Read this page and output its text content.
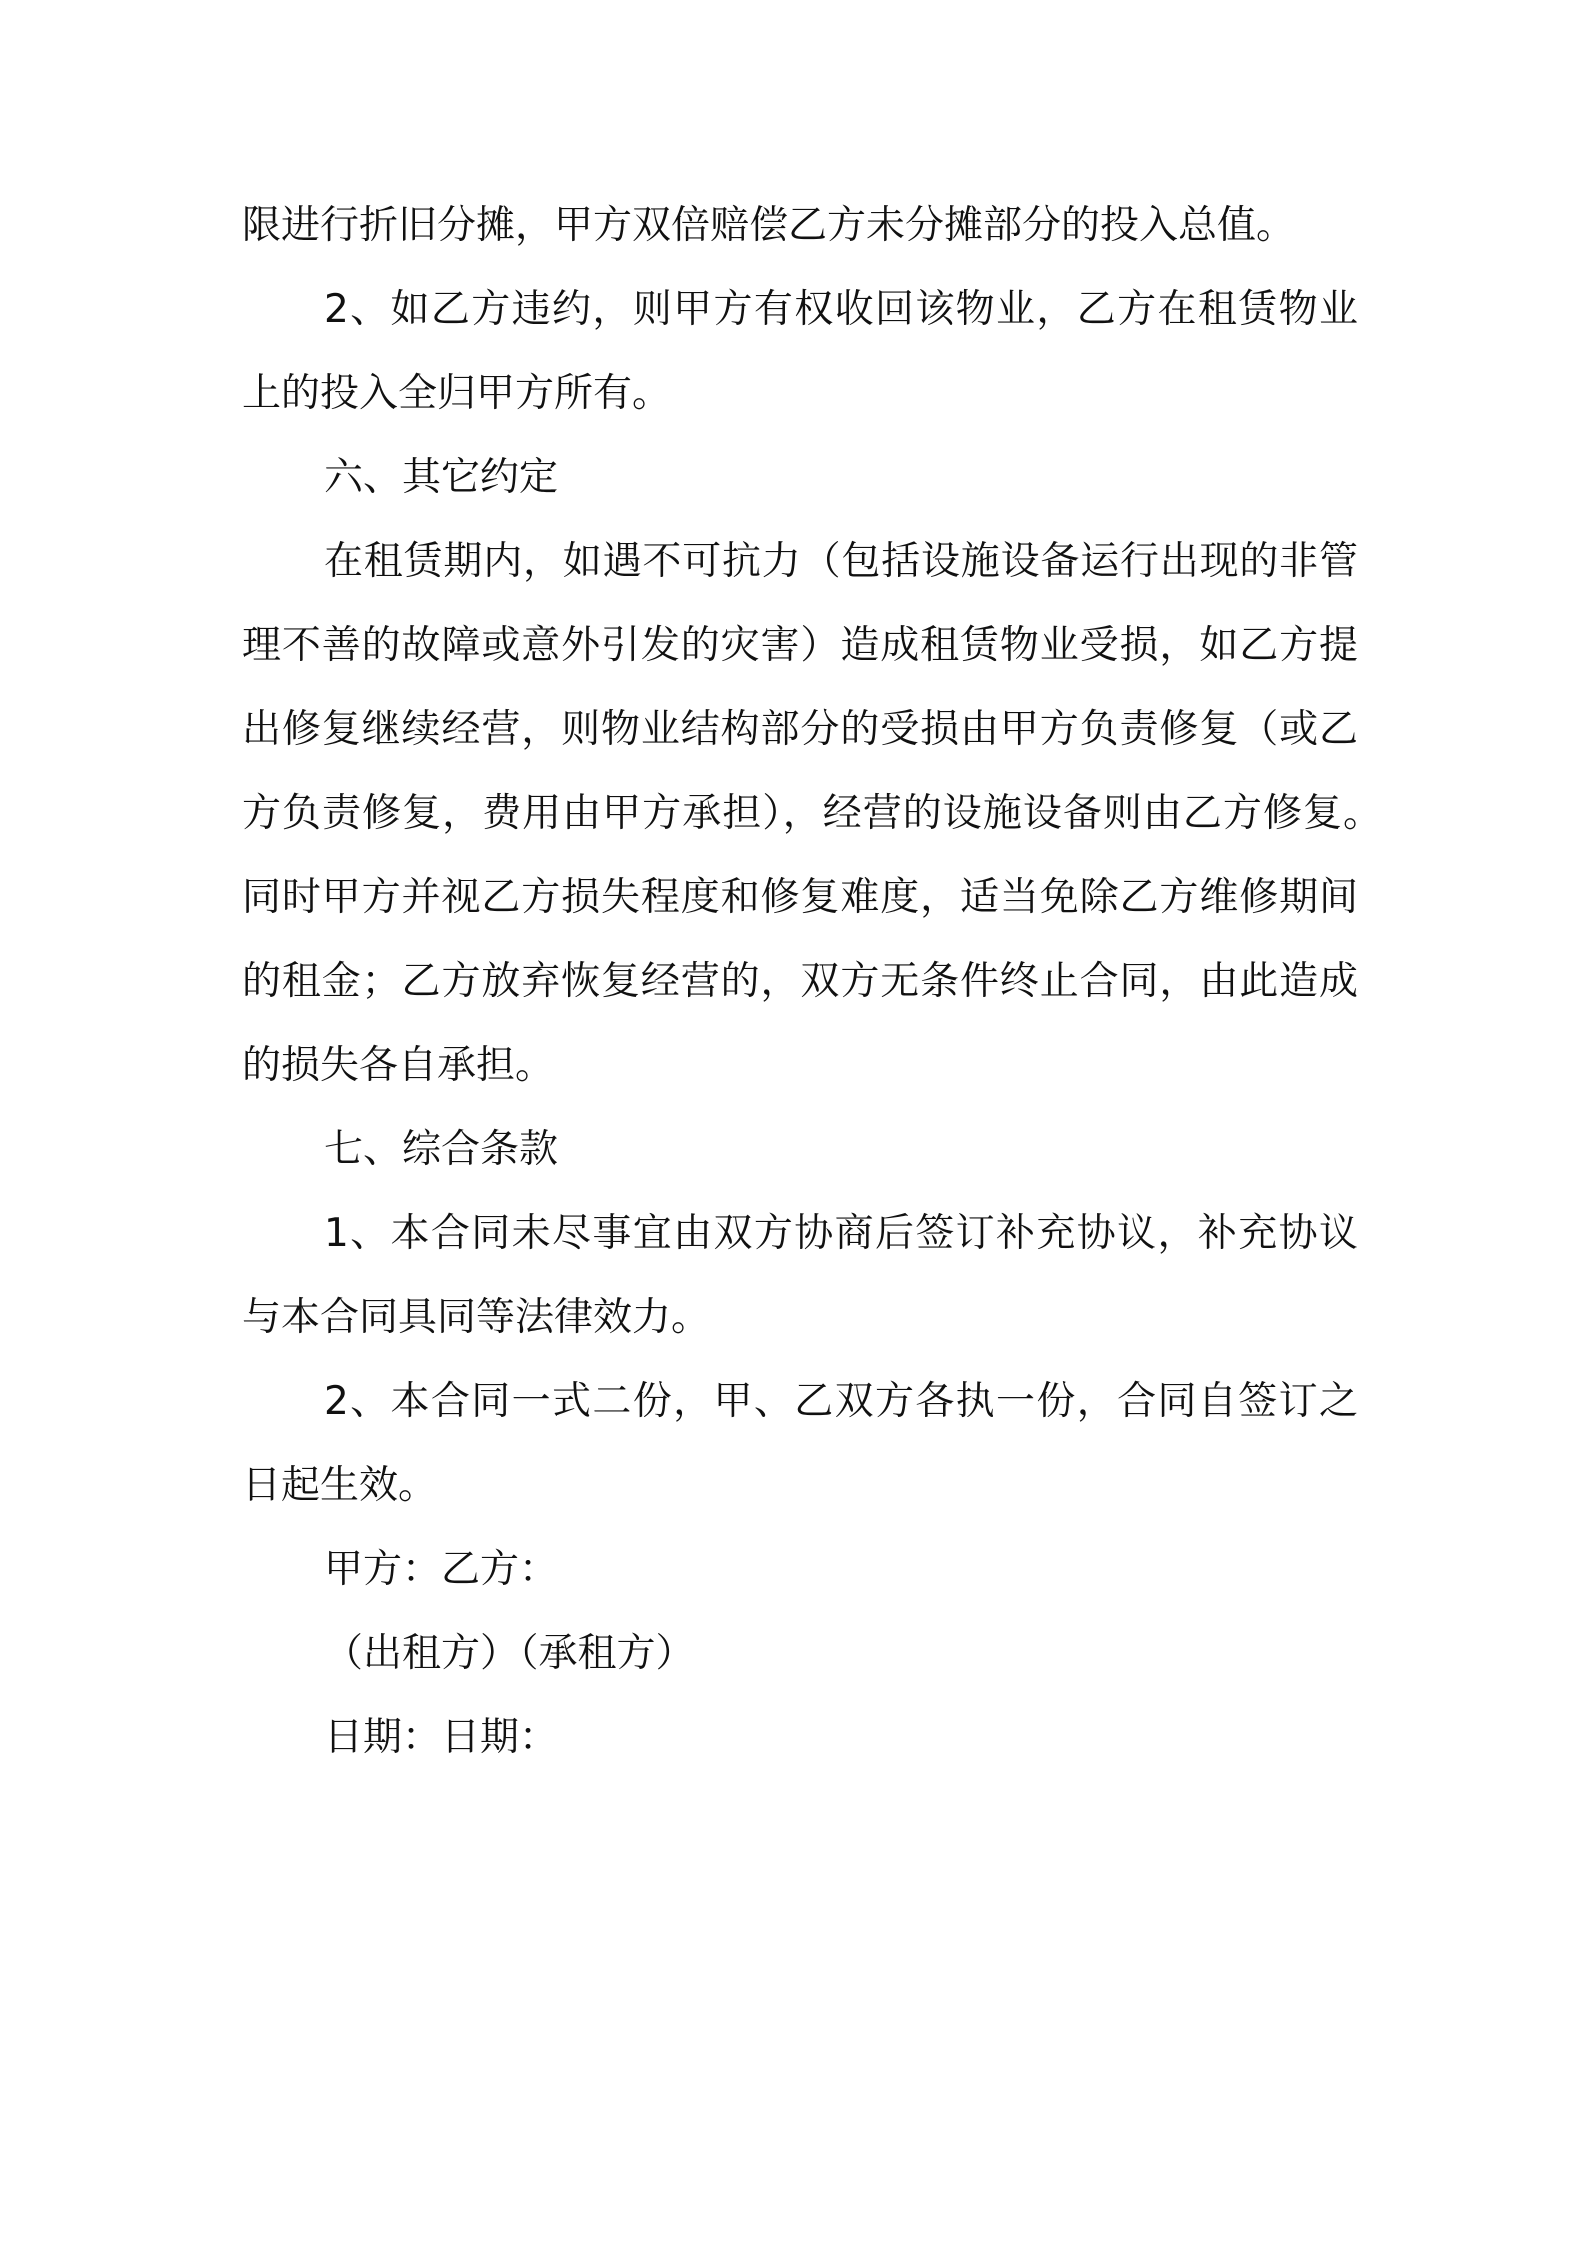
限进行折旧分摊，甲方双倍赔偿乙方未分摊部分的投入总值。
2、如乙方违约，则甲方有权收回该物业，乙方在租赁物业
上的投入全归甲方所有。
六、其它约定
在租赁期内，如遇不可抗力（包括设施设备运行出现的非管
理不善的故障或意外引发的灾害）造成租赁物业受损，如乙方提
出修复继续经营，则物业结构部分的受损由甲方负责修复（或乙
方负责修复，费用由甲方承担），经营的设施设备则由乙方修复。
同时甲方并视乙方损失程度和修复难度，适当免除乙方维修期间
的租金；乙方放弃恢复经营的，双方无条件终止合同，由此造成
的损失各自承担。
七、综合条款
1、本合同未尽事宜由双方协商后签订补充协议，补充协议
与本合同具同等法律效力。
2、本合同一式二份，甲、乙双方各执一份，合同自签订之
日起生效。
甲方：乙方：
（出租方）（承租方）
日期：日期：
